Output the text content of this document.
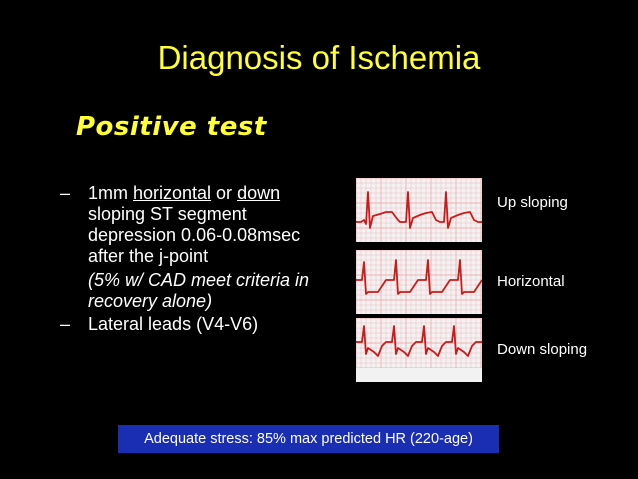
Diagnosis of Ischemia
Positive test
– 1mm horizontal or down sloping ST segment depression 0.06-0.08msec after the j-point
(5% w/ CAD meet criteria in recovery alone)
– Lateral leads (V4-V6)
Up sloping
Horizontal
Down sloping
Adequate stress: 85% max predicted HR (220-age)
